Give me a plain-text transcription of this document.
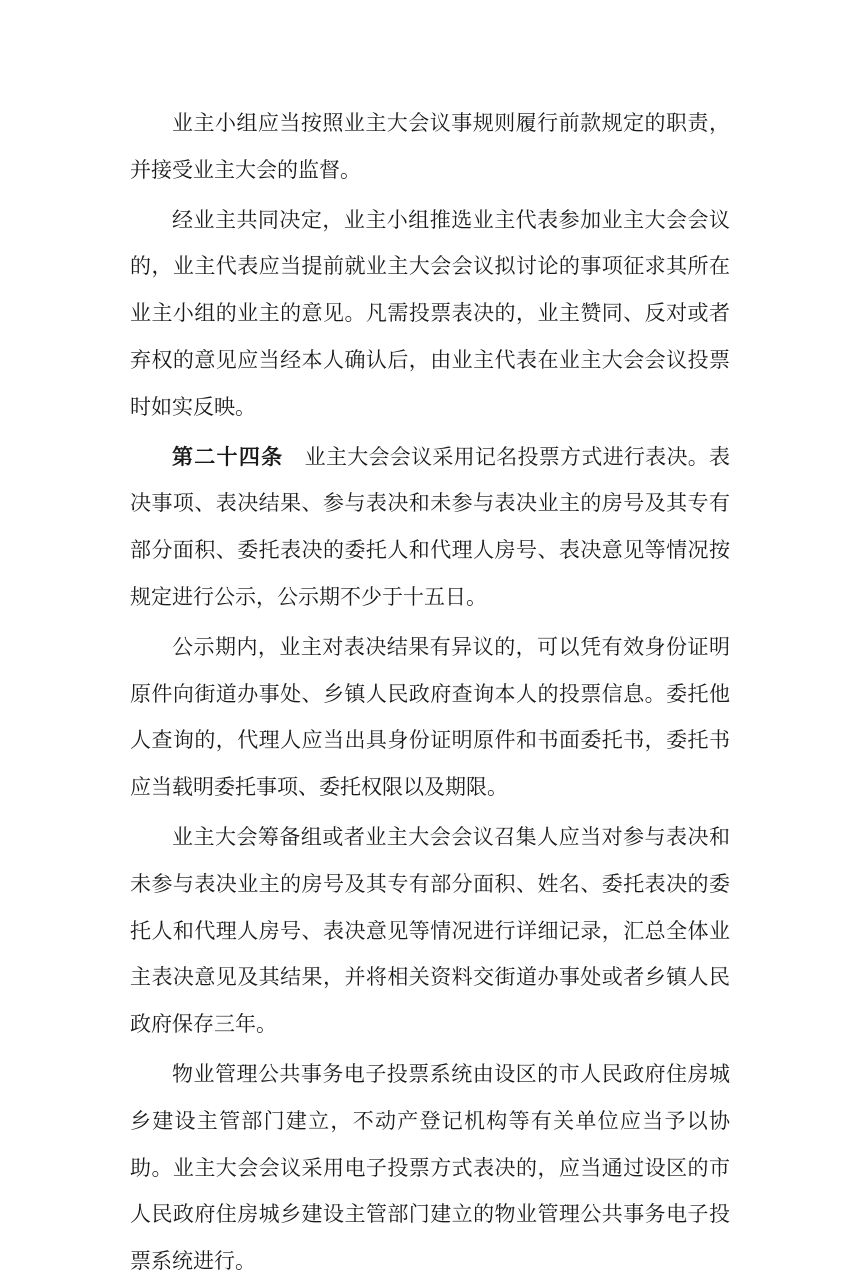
业主小组应当按照业主大会议事规则履行前款规定的职责，并接受业主大会的监督。

经业主共同决定，业主小组推选业主代表参加业主大会会议的，业主代表应当提前就业主大会会议拟讨论的事项征求其所在业主小组的业主的意见。凡需投票表决的，业主赞同、反对或者弃权的意见应当经本人确认后，由业主代表在业主大会会议投票时如实反映。

第二十四条 业主大会会议采用记名投票方式进行表决。表决事项、表决结果、参与表决和未参与表决业主的房号及其专有部分面积、委托表决的委托人和代理人房号、表决意见等情况按规定进行公示，公示期不少于十五日。

公示期内，业主对表决结果有异议的，可以凭有效身份证明原件向街道办事处、乡镇人民政府查询本人的投票信息。委托他人查询的，代理人应当出具身份证明原件和书面委托书，委托书应当载明委托事项、委托权限以及期限。

业主大会筹备组或者业主大会会议召集人应当对参与表决和未参与表决业主的房号及其专有部分面积、姓名、委托表决的委托人和代理人房号、表决意见等情况进行详细记录，汇总全体业主表决意见及其结果，并将相关资料交街道办事处或者乡镇人民政府保存三年。

物业管理公共事务电子投票系统由设区的市人民政府住房城乡建设主管部门建立，不动产登记机构等有关单位应当予以协助。业主大会会议采用电子投票方式表决的，应当通过设区的市人民政府住房城乡建设主管部门建立的物业管理公共事务电子投票系统进行。
